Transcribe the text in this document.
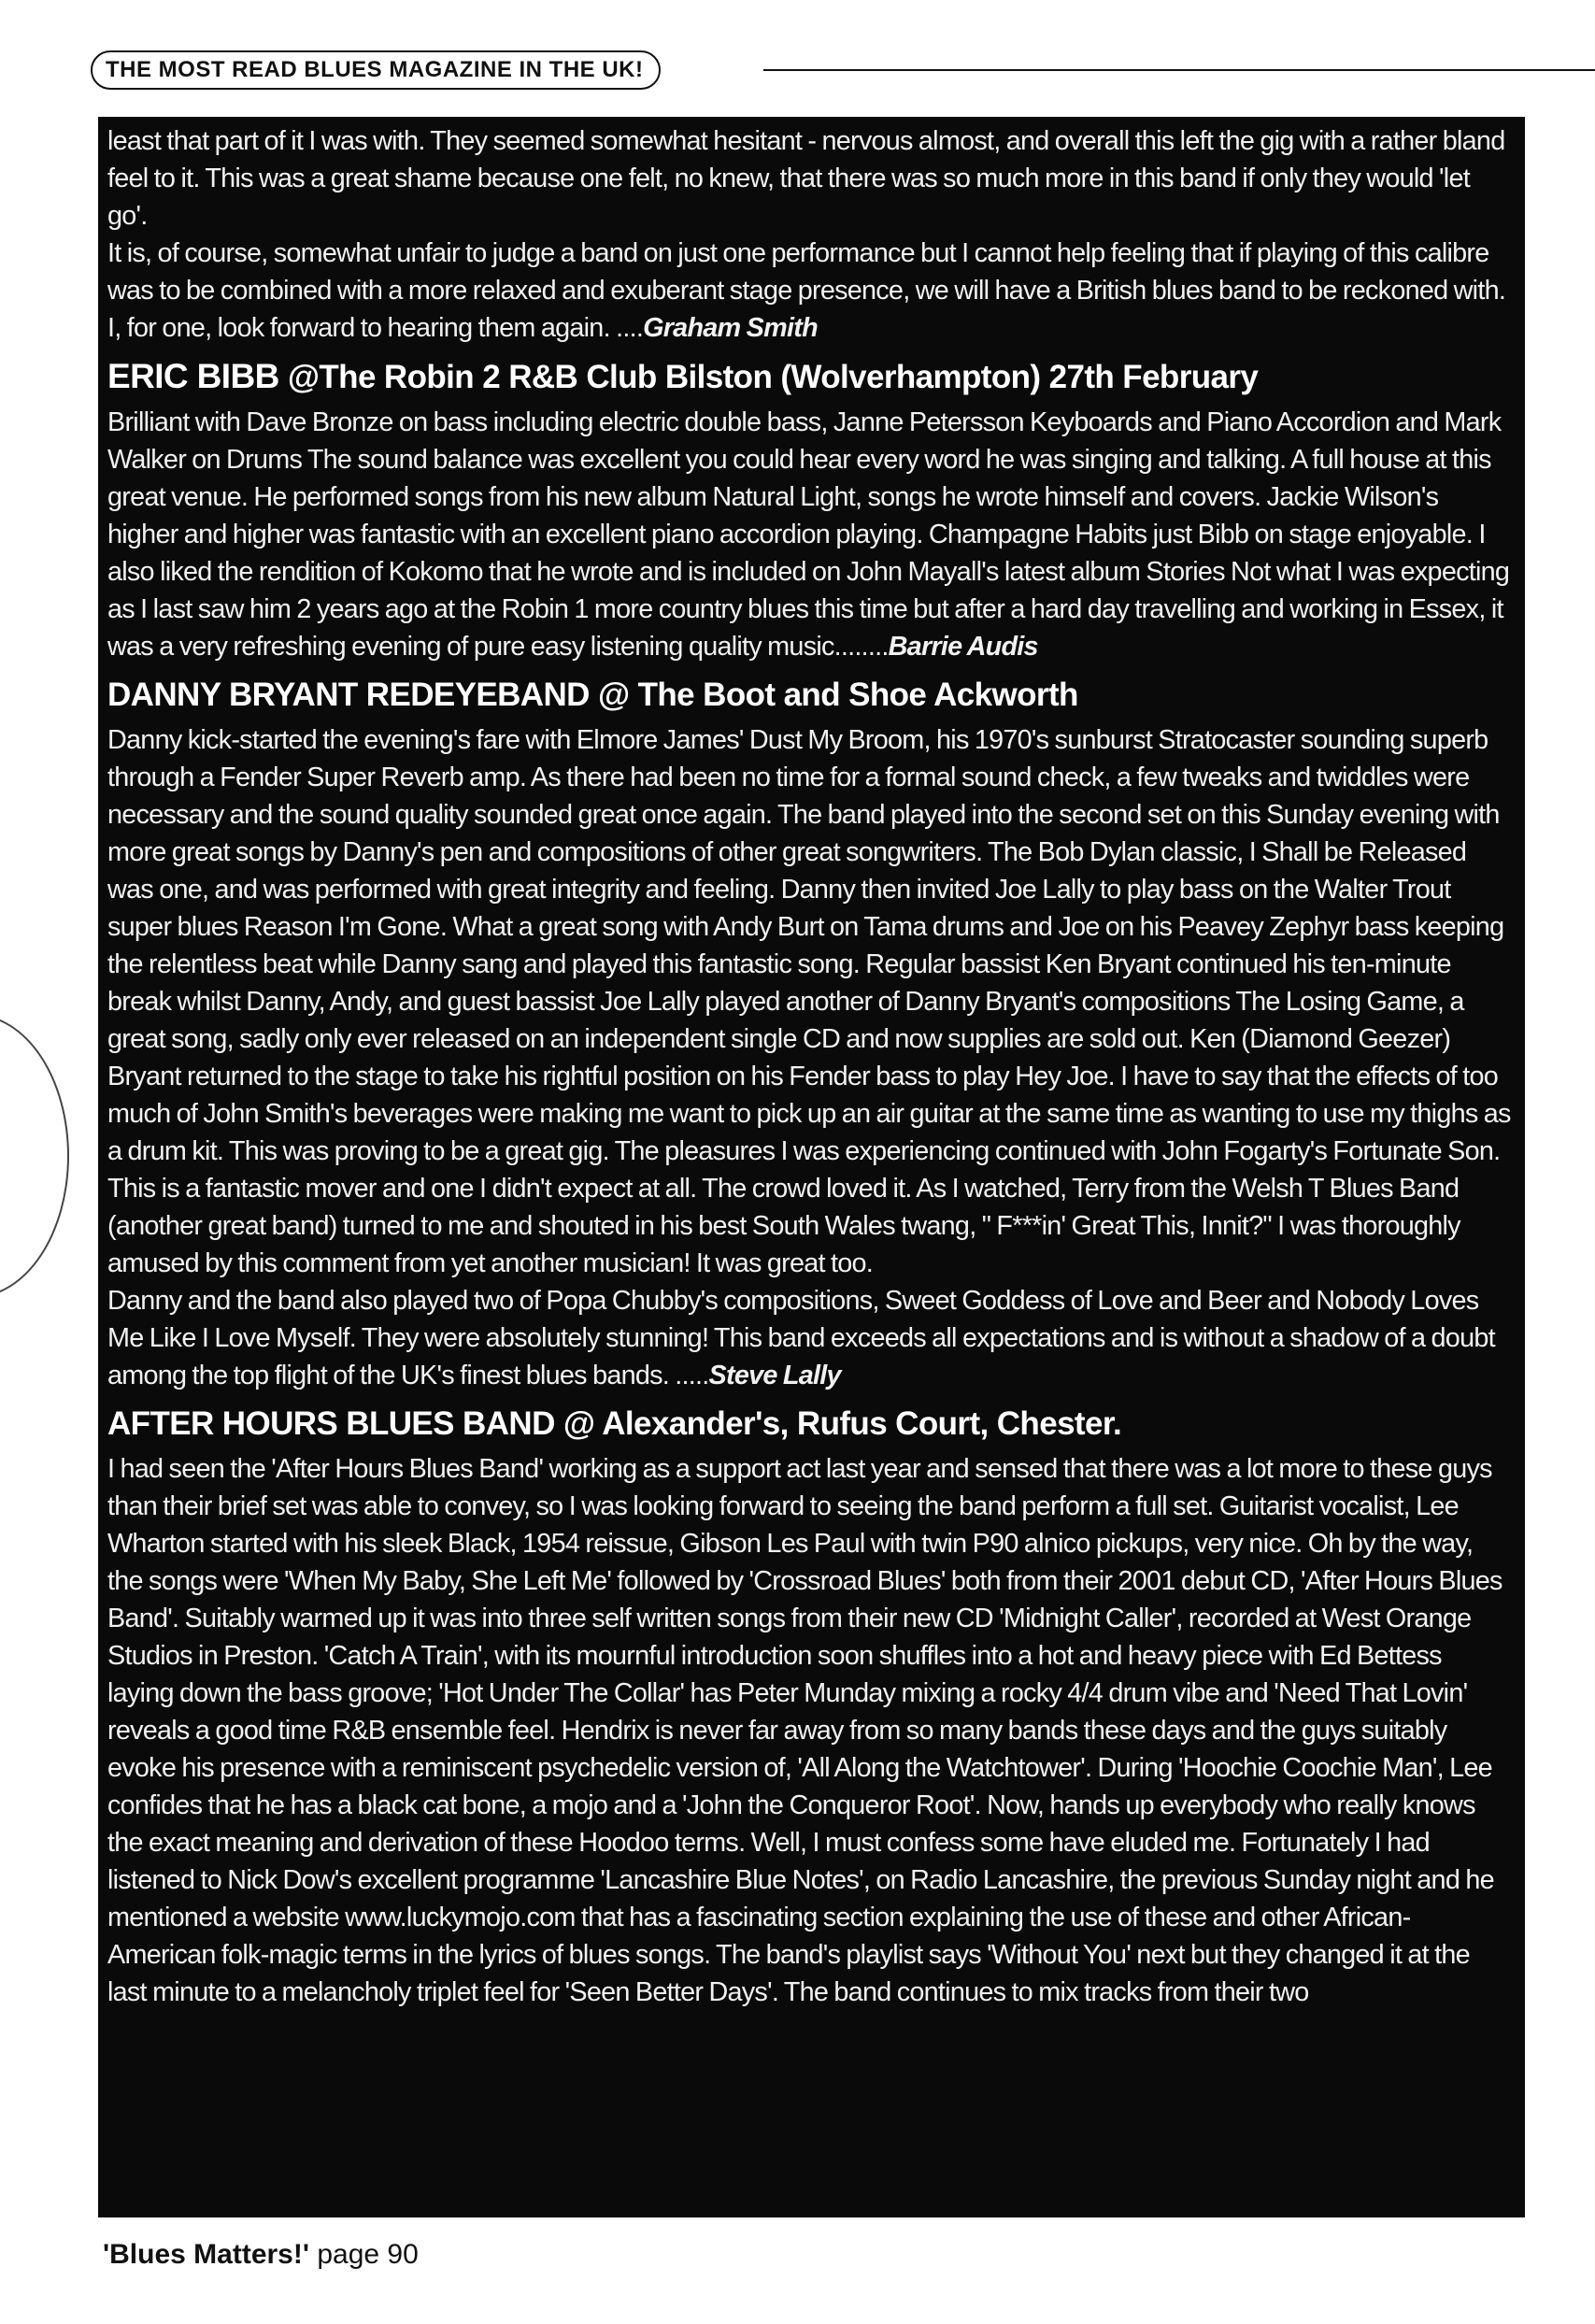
THE MOST READ BLUES MAGAZINE IN THE UK!

least that part of it I was with. They seemed somewhat hesitant - nervous almost, and overall this left the gig with a rather bland feel to it. This was a great shame because one felt, no knew, that there was so much more in this band if only they would 'let go'.

It is, of course, somewhat unfair to judge a band on just one performance but I cannot help feeling that if playing of this calibre was to be combined with a more relaxed and exuberant stage presence, we will have a British blues band to be reckoned with. I, for one, look forward to hearing them again. ....Graham Smith

ERIC BIBB @The Robin 2 R&B Club Bilston (Wolverhampton) 27th February

Brilliant with Dave Bronze on bass including electric double bass, Janne Petersson Keyboards and Piano Accordion and Mark Walker on Drums The sound balance was excellent you could hear every word he was singing and talking. A full house at this great venue. He performed songs from his new album Natural Light, songs he wrote himself and covers. Jackie Wilson's higher and higher was fantastic with an excellent piano accordion playing. Champagne Habits just Bibb on stage enjoyable. I also liked the rendition of Kokomo that he wrote and is included on John Mayall's latest album Stories Not what I was expecting as I last saw him 2 years ago at the Robin 1 more country blues this time but after a hard day travelling and working in Essex, it was a very refreshing evening of pure easy listening quality music........Barrie Audis

DANNY BRYANT REDEYEBAND @ The Boot and Shoe Ackworth

Danny kick-started the evening's fare with Elmore James' Dust My Broom, his 1970's sunburst Stratocaster sounding superb through a Fender Super Reverb amp. As there had been no time for a formal sound check, a few tweaks and twiddles were necessary and the sound quality sounded great once again. The band played into the second set on this Sunday evening with more great songs by Danny's pen and compositions of other great songwriters. The Bob Dylan classic, I Shall be Released was one, and was performed with great integrity and feeling. Danny then invited Joe Lally to play bass on the Walter Trout super blues Reason I'm Gone. What a great song with Andy Burt on Tama drums and Joe on his Peavey Zephyr bass keeping the relentless beat while Danny sang and played this fantastic song. Regular bassist Ken Bryant continued his ten-minute break whilst Danny, Andy, and guest bassist Joe Lally played another of Danny Bryant's compositions The Losing Game, a great song, sadly only ever released on an independent single CD and now supplies are sold out. Ken (Diamond Geezer) Bryant returned to the stage to take his rightful position on his Fender bass to play Hey Joe. I have to say that the effects of too much of John Smith's beverages were making me want to pick up an air guitar at the same time as wanting to use my thighs as a drum kit. This was proving to be a great gig. The pleasures I was experiencing continued with John Fogarty's Fortunate Son. This is a fantastic mover and one I didn't expect at all. The crowd loved it. As I watched, Terry from the Welsh T Blues Band (another great band) turned to me and shouted in his best South Wales twang, " F***in' Great This, Innit?" I was thoroughly amused by this comment from yet another musician! It was great too.

Danny and the band also played two of Popa Chubby's compositions, Sweet Goddess of Love and Beer and Nobody Loves Me Like I Love Myself. They were absolutely stunning! This band exceeds all expectations and is without a shadow of a doubt among the top flight of the UK's finest blues bands. .....Steve Lally

AFTER HOURS BLUES BAND @ Alexander's, Rufus Court, Chester.

I had seen the 'After Hours Blues Band' working as a support act last year and sensed that there was a lot more to these guys than their brief set was able to convey, so I was looking forward to seeing the band perform a full set. Guitarist vocalist, Lee Wharton started with his sleek Black, 1954 reissue, Gibson Les Paul with twin P90 alnico pickups, very nice. Oh by the way, the songs were 'When My Baby, She Left Me' followed by 'Crossroad Blues' both from their 2001 debut CD, 'After Hours Blues Band'. Suitably warmed up it was into three self written songs from their new CD 'Midnight Caller', recorded at West Orange Studios in Preston. 'Catch A Train', with its mournful introduction soon shuffles into a hot and heavy piece with Ed Bettess laying down the bass groove; 'Hot Under The Collar' has Peter Munday mixing a rocky 4/4 drum vibe and 'Need That Lovin' reveals a good time R&B ensemble feel. Hendrix is never far away from so many bands these days and the guys suitably evoke his presence with a reminiscent psychedelic version of, 'All Along the Watchtower'. During 'Hoochie Coochie Man', Lee confides that he has a black cat bone, a mojo and a 'John the Conqueror Root'. Now, hands up everybody who really knows the exact meaning and derivation of these Hoodoo terms. Well, I must confess some have eluded me. Fortunately I had listened to Nick Dow's excellent programme 'Lancashire Blue Notes', on Radio Lancashire, the previous Sunday night and he mentioned a website www.luckymojo.com that has a fascinating section explaining the use of these and other African-American folk-magic terms in the lyrics of blues songs. The band's playlist says 'Without You' next but they changed it at the last minute to a melancholy triplet feel for 'Seen Better Days'. The band continues to mix tracks from their two

'Blues Matters!' page 90
